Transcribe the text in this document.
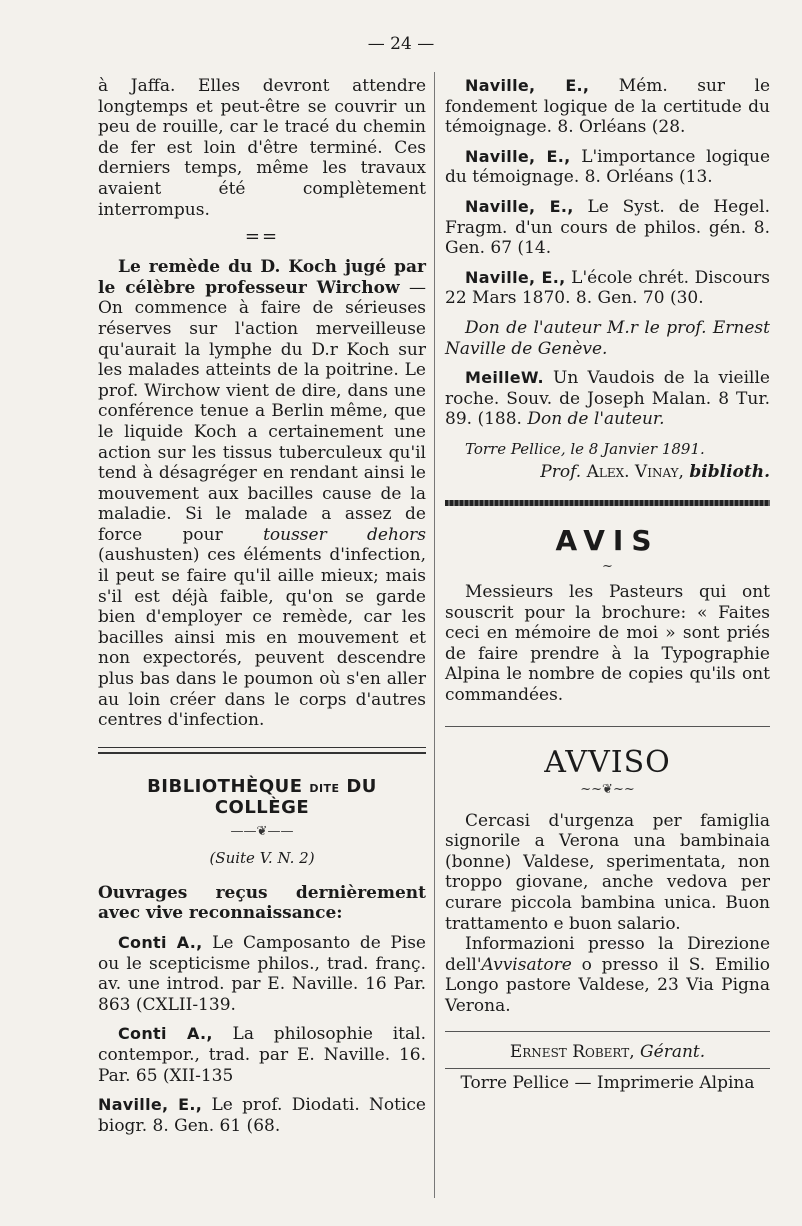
— 24 —

à Jaffa. Elles devront attendre longtemps et peut-être se couvrir un peu de rouille, car le tracé du chemin de fer est loin d'être terminé. Ces derniers temps, même les travaux avaient été complètement interrompus.

==

Le remède du D. Koch jugé par le célèbre professeur Wirchow — On commence à faire de sérieuses réserves sur l'action merveilleuse qu'aurait la lymphe du D.r Koch sur les malades atteints de la poitrine. Le prof. Wirchow vient de dire, dans une conférence tenue a Berlin même, que le liquide Koch a certainement une action sur les tissus tuberculeux qu'il tend à désagréger en rendant ainsi le mouvement aux bacilles cause de la maladie. Si le malade a assez de force pour tousser dehors (aushusten) ces éléments d'infection, il peut se faire qu'il aille mieux; mais s'il est déjà faible, qu'on se garde bien d'employer ce remède, car les bacilles ainsi mis en mouvement et non expectorés, peuvent descendre plus bas dans le poumon où s'en aller au loin créer dans le corps d'autres centres d'infection.

BIBLIOTHÈQUE DITE DU COLLÈGE
——❦——
(Suite V. N. 2)

Ouvrages reçus dernièrement avec vive reconnaissance:

Conti A., Le Camposanto de Pise ou le scepticisme philos., trad. franç. av. une introd. par E. Naville. 16 Par. 863 (CXLII-139.

Conti A., La philosophie ital. contempor., trad. par E. Naville. 16. Par. 65 (XII-135

Naville, E., Le prof. Diodati. Notice biogr. 8. Gen. 61 (68.

Naville, E., Mém. sur le fondement logique de la certitude du témoignage. 8. Orléans (28.

Naville, E., L'importance logique du témoignage. 8. Orléans (13.

Naville, E., Le Syst. de Hegel. Fragm. d'un cours de philos. gén. 8. Gen. 67 (14.

Naville, E., L'école chrét. Discours 22 Mars 1870. 8. Gen. 70 (30.

Don de l'auteur M.r le prof. Ernest Naville de Genève.

MeilleW. Un Vaudois de la vieille roche. Souv. de Joseph Malan. 8 Tur. 89. (188. Don de l'auteur.

Torre Pellice, le 8 Janvier 1891.

Prof. Alex. Vinay, biblioth.

AVIS
~

Messieurs les Pasteurs qui ont souscrit pour la brochure: « Faites ceci en mémoire de moi » sont priés de faire prendre à la Typographie Alpina le nombre de copies qu'ils ont commandées.

AVVISO
~~❦~~

Cercasi d'urgenza per famiglia signorile a Verona una bambinaia (bonne) Valdese, sperimentata, non troppo giovane, anche vedova per curare piccola bambina unica. Buon trattamento e buon salario.

Informazioni presso la Direzione dell'Avvisatore o presso il S. Emilio Longo pastore Valdese, 23 Via Pigna Verona.

Ernest Robert, Gérant.

Torre Pellice — Imprimerie Alpina
